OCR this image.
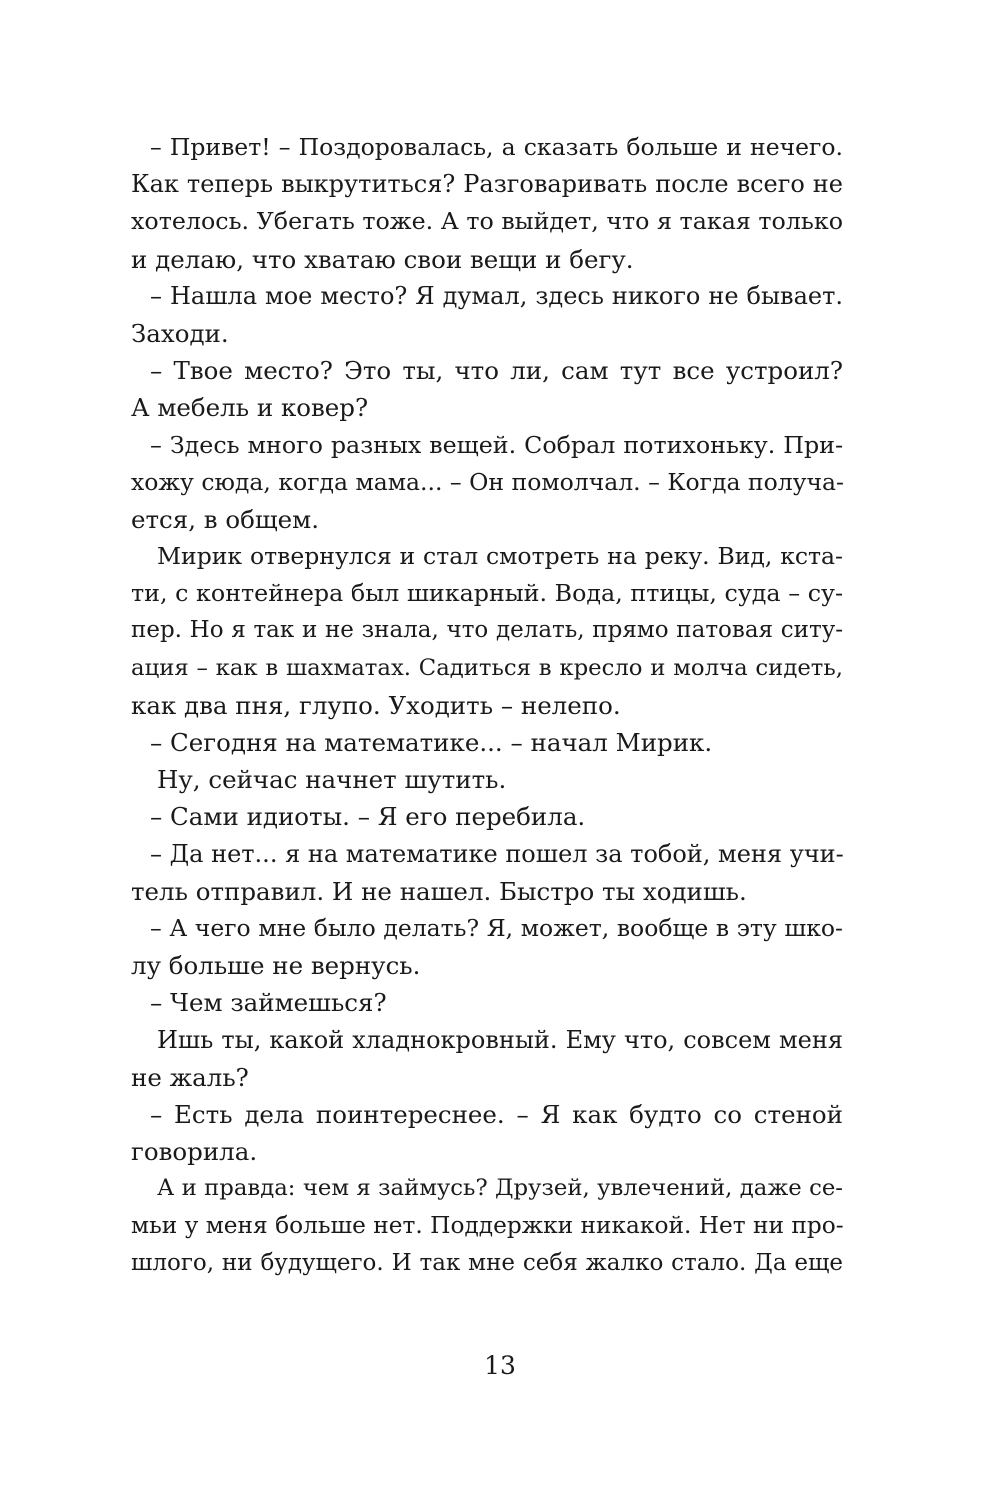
– Привет! – Поздоровалась, а сказать больше и нечего.
Как теперь выкрутиться? Разговаривать после всего не
хотелось. Убегать тоже. А то выйдет, что я такая только
и делаю, что хватаю свои вещи и бегу.
– Нашла мое место? Я думал, здесь никого не бывает.
Заходи.
– Твое место? Это ты, что ли, сам тут все устроил?
А мебель и ковер?
– Здесь много разных вещей. Собрал потихоньку. При-
хожу сюда, когда мама... – Он помолчал. – Когда получа-
ется, в общем.
Мирик отвернулся и стал смотреть на реку. Вид, кста-
ти, с контейнера был шикарный. Вода, птицы, суда – су-
пер. Но я так и не знала, что делать, прямо патовая ситу-
ация – как в шахматах. Садиться в кресло и молча сидеть,
как два пня, глупо. Уходить – нелепо.
– Сегодня на математике... – начал Мирик.
Ну, сейчас начнет шутить.
– Сами идиоты. – Я его перебила.
– Да нет... я на математике пошел за тобой, меня учи-
тель отправил. И не нашел. Быстро ты ходишь.
– А чего мне было делать? Я, может, вообще в эту шко-
лу больше не вернусь.
– Чем займешься?
Ишь ты, какой хладнокровный. Ему что, совсем меня
не жаль?
– Есть дела поинтереснее. – Я как будто со стеной
говорила.
А и правда: чем я займусь? Друзей, увлечений, даже се-
мьи у меня больше нет. Поддержки никакой. Нет ни про-
шлого, ни будущего. И так мне себя жалко стало. Да еще
13
